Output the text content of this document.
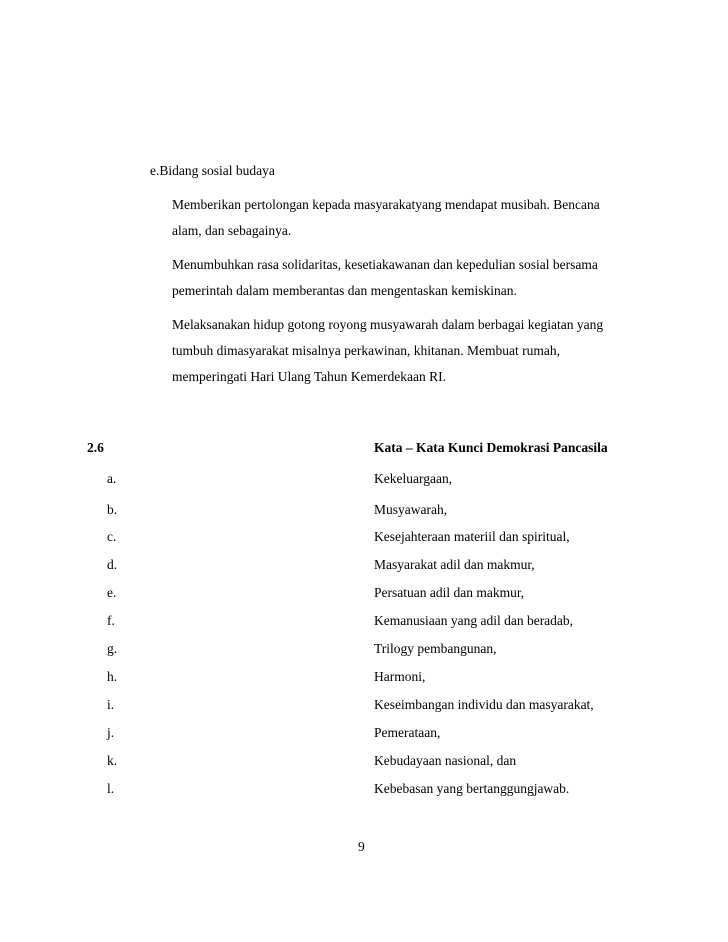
e.Bidang sosial budaya
Memberikan pertolongan kepada masyarakatyang mendapat musibah. Bencana
alam, dan sebagainya.
Menumbuhkan rasa solidaritas, kesetiakawanan dan kepedulian sosial bersama
pemerintah dalam memberantas dan mengentaskan kemiskinan.
Melaksanakan hidup gotong royong musyawarah dalam berbagai kegiatan yang
tumbuh dimasyarakat misalnya perkawinan, khitanan. Membuat rumah,
memperingati Hari Ulang Tahun Kemerdekaan RI.
2.6	Kata – Kata Kunci Demokrasi Pancasila
a.	Kekeluargaan,
b.	Musyawarah,
c.	Kesejahteraan materiil dan spiritual,
d.	Masyarakat adil dan makmur,
e.	Persatuan adil dan makmur,
f.	Kemanusiaan yang adil dan beradab,
g.	Trilogy pembangunan,
h.	Harmoni,
i.	Keseimbangan individu dan masyarakat,
j.	Pemerataan,
k.	Kebudayaan nasional, dan
l.	Kebebasan yang bertanggungjawab.
9
